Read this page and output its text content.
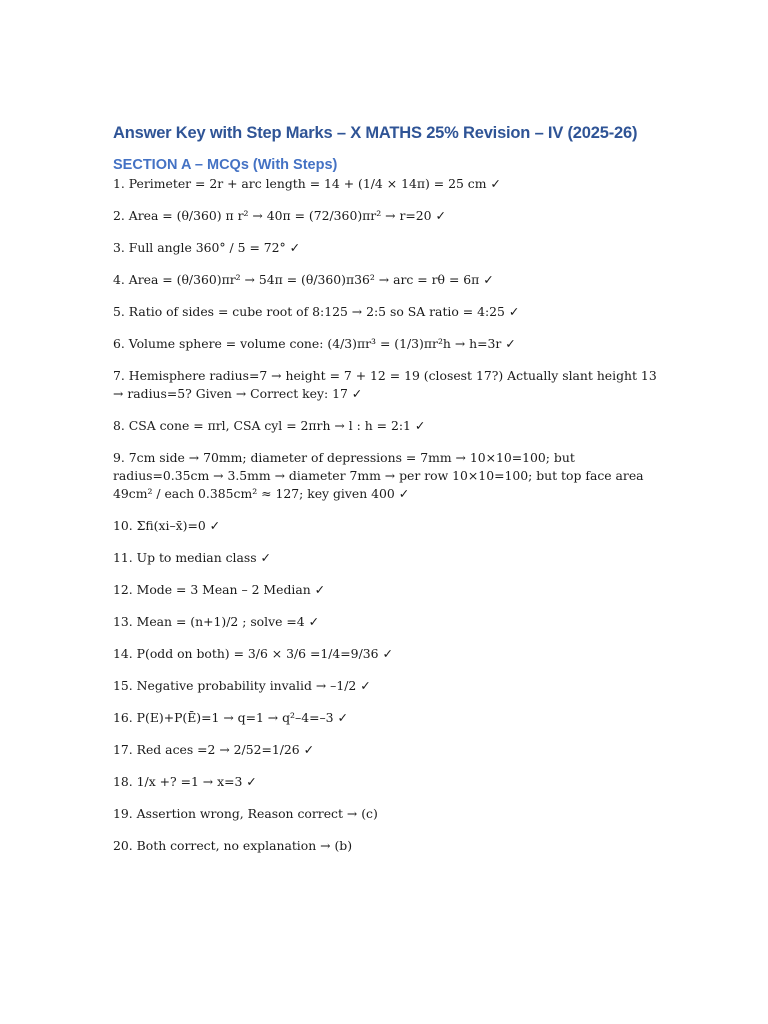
Answer Key with Step Marks – X MATHS 25% Revision – IV (2025-26)
SECTION A – MCQs (With Steps)
1. Perimeter = 2r + arc length = 14 + (1/4 × 14π) = 25 cm ✓
2. Area = (θ/360) π r² → 40π = (72/360)πr² → r=20 ✓
3. Full angle 360° / 5 = 72° ✓
4. Area = (θ/360)πr² → 54π = (θ/360)π36² → arc = rθ = 6π ✓
5. Ratio of sides = cube root of 8:125 → 2:5 so SA ratio = 4:25 ✓
6. Volume sphere = volume cone: (4/3)πr³ = (1/3)πr²h → h=3r ✓
7. Hemisphere radius=7 → height = 7 + 12 = 19 (closest 17?) Actually slant height 13 → radius=5? Given → Correct key: 17 ✓
8. CSA cone = πrl, CSA cyl = 2πrh → l : h = 2:1 ✓
9. 7cm side → 70mm; diameter of depressions = 7mm → 10×10=100; but radius=0.35cm → 3.5mm → diameter 7mm → per row 10×10=100; but top face area 49cm² / each 0.385cm² ≈ 127; key given 400 ✓
10. Σfi(xi–x̄)=0 ✓
11. Up to median class ✓
12. Mode = 3 Mean – 2 Median ✓
13. Mean = (n+1)/2 ; solve =4 ✓
14. P(odd on both) = 3/6 × 3/6 =1/4=9/36 ✓
15. Negative probability invalid → –1/2 ✓
16. P(E)+P(Ē)=1 → q=1 → q²–4=–3 ✓
17. Red aces =2 → 2/52=1/26 ✓
18. 1/x +? =1 → x=3 ✓
19. Assertion wrong, Reason correct → (c)
20. Both correct, no explanation → (b)
